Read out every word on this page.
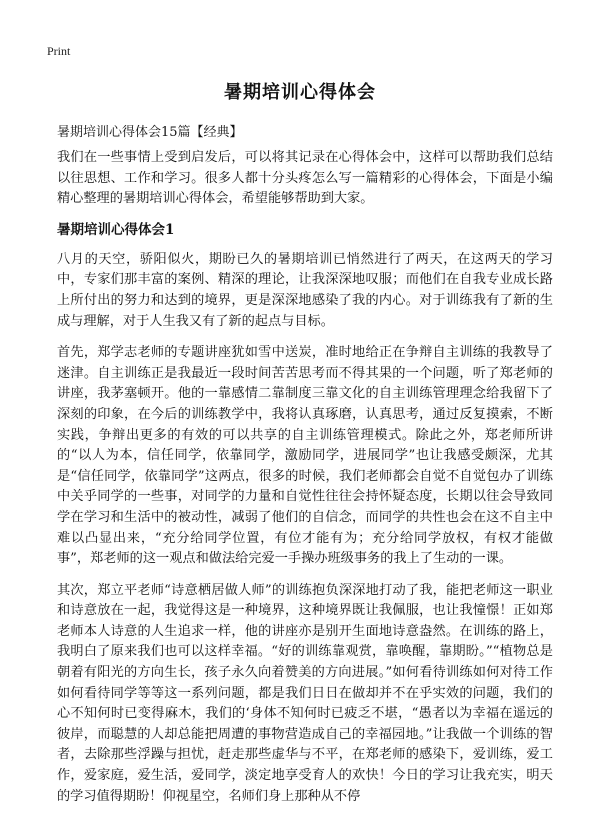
Print
暑期培训心得体会
暑期培训心得体会15篇【经典】

我们在一些事情上受到启发后，可以将其记录在心得体会中，这样可以帮助我们总结以往思想、工作和学习。很多人都十分头疼怎么写一篇精彩的心得体会，下面是小编精心整理的暑期培训心得体会，希望能够帮助到大家。

暑期培训心得体会1

八月的天空，骄阳似火，期盼已久的暑期培训已悄然进行了两天，在这两天的学习中，专家们那丰富的案例、精深的理论，让我深深地叹服；而他们在自我专业成长路上所付出的努力和达到的境界，更是深深地感染了我的内心。对于训练我有了新的生成与理解，对于人生我又有了新的起点与目标。

首先，郑学志老师的专题讲座犹如雪中送炭，准时地给正在争辩自主训练的我教导了迷津。自主训练正是我最近一段时间苦苦思考而不得其果的一个问题，听了郑老师的讲座，我茅塞顿开。他的一靠感情二靠制度三靠文化的自主训练管理理念给我留下了深刻的印象，在今后的训练教学中，我将认真琢磨，认真思考，通过反复摸索，不断实践，争辩出更多的有效的可以共享的自主训练管理模式。除此之外，郑老师所讲的“以人为本，信任同学，依靠同学，激励同学，进展同学”也让我感受颇深，尤其是“信任同学，依靠同学”这两点，很多的时候，我们老师都会自觉不自觉包办了训练中关乎同学的一些事，对同学的力量和自觉性往往会持怀疑态度，长期以往会导致同学在学习和生活中的被动性，减弱了他们的自信念，而同学的共性也会在这不自主中难以凸显出来，“充分给同学位置，有位才能有为；充分给同学放权，有权才能做事”，郑老师的这一观点和做法给完爱一手操办班级事务的我上了生动的一课。

其次，郑立平老师“诗意栖居做人师”的训练抱负深深地打动了我，能把老师这一职业和诗意放在一起，我觉得这是一种境界，这种境界既让我佩服，也让我憧憬！正如郑老师本人诗意的人生追求一样，他的讲座亦是别开生面地诗意盎然。在训练的路上，我明白了原来我们也可以这样幸福。“好的训练靠观赏，靠唤醒，靠期盼。”“植物总是朝着有阳光的方向生长，孩子永久向着赞美的方向进展。”如何看待训练如何对待工作如何看待同学等等这一系列问题，都是我们日日在做却并不在乎实效的问题，我们的心不知何时已变得麻木，我们的‘身体不知何时已疲乏不堪，“愚者以为幸福在遥远的彼岸，而聪慧的人却总能把周遭的事物营造成自己的幸福园地。”让我做一个训练的智者，去除那些浮躁与担忧，赶走那些虚华与不平，在郑老师的感染下，爱训练，爱工作，爱家庭，爱生活，爱同学，淡定地享受育人的欢快！今日的学习让我充实，明天的学习值得期盼！仰视星空，名师们身上那种从不停
